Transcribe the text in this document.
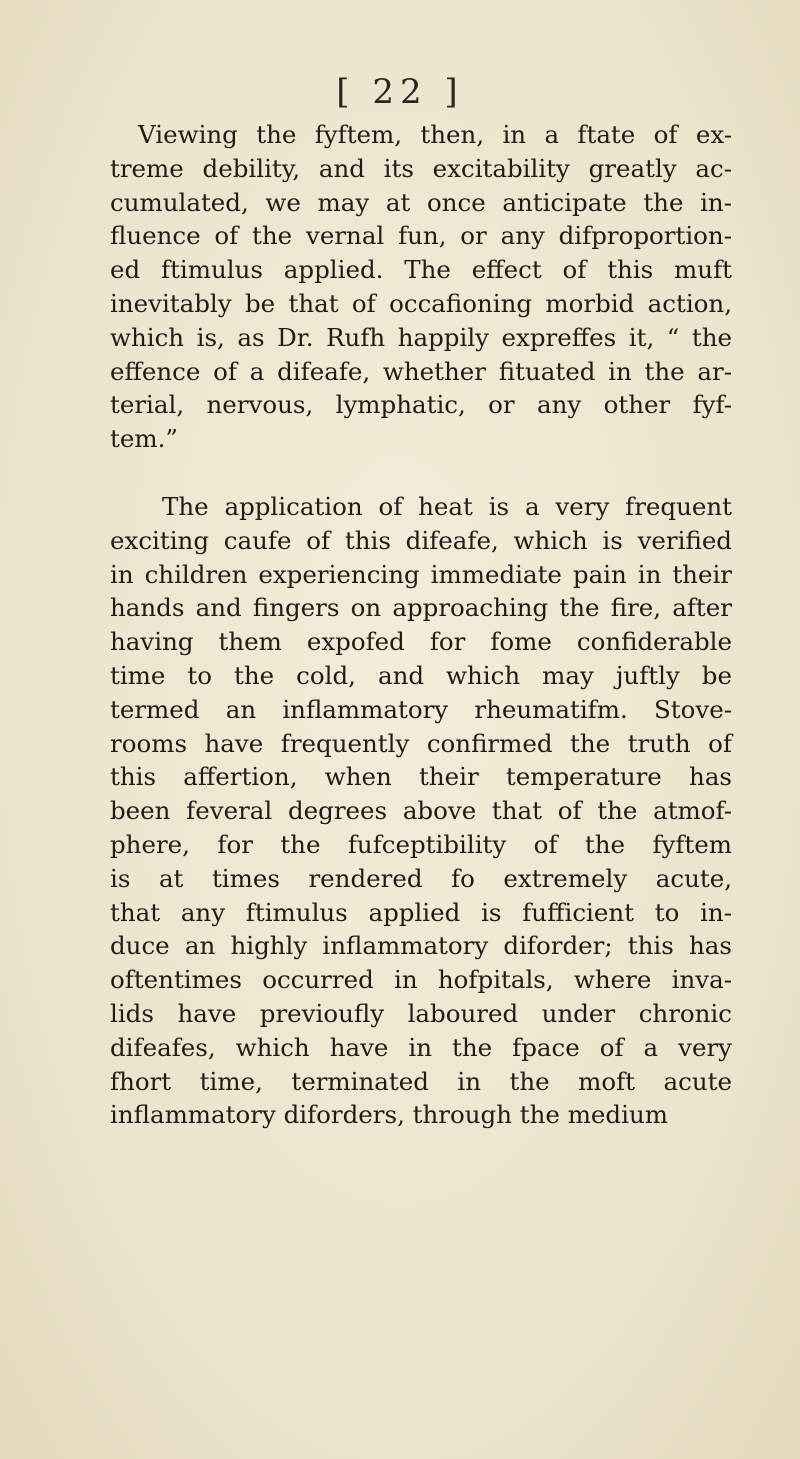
[ 22 ]

Viewing the fyftem, then, in a ftate of ex-
treme debility, and its excitability greatly ac-
cumulated, we may at once anticipate the in-
fluence of the vernal fun, or any difproportion-
ed ftimulus applied. The effect of this muft
inevitably be that of occafioning morbid action,
which is, as Dr. Rufh happily expreffes it, “ the
effence of a difeafe, whether fituated in the ar-
terial, nervous, lymphatic, or any other fyf-
tem.”

The application of heat is a very frequent
exciting caufe of this difeafe, which is verified
in children experiencing immediate pain in their
hands and fingers on approaching the fire, after
having them expofed for fome confiderable
time to the cold, and which may juftly be
termed an inflammatory rheumatifm. Stove-
rooms have frequently confirmed the truth of
this affertion, when their temperature has
been feveral degrees above that of the atmof-
phere, for the fufceptibility of the fyftem
is at times rendered fo extremely acute,
that any ftimulus applied is fufficient to in-
duce an highly inflammatory diforder; this has
oftentimes occurred in hofpitals, where inva-
lids have previoufly laboured under chronic
difeafes, which have in the fpace of a very
fhort time, terminated in the moft acute
inflammatory diforders, through the medium
